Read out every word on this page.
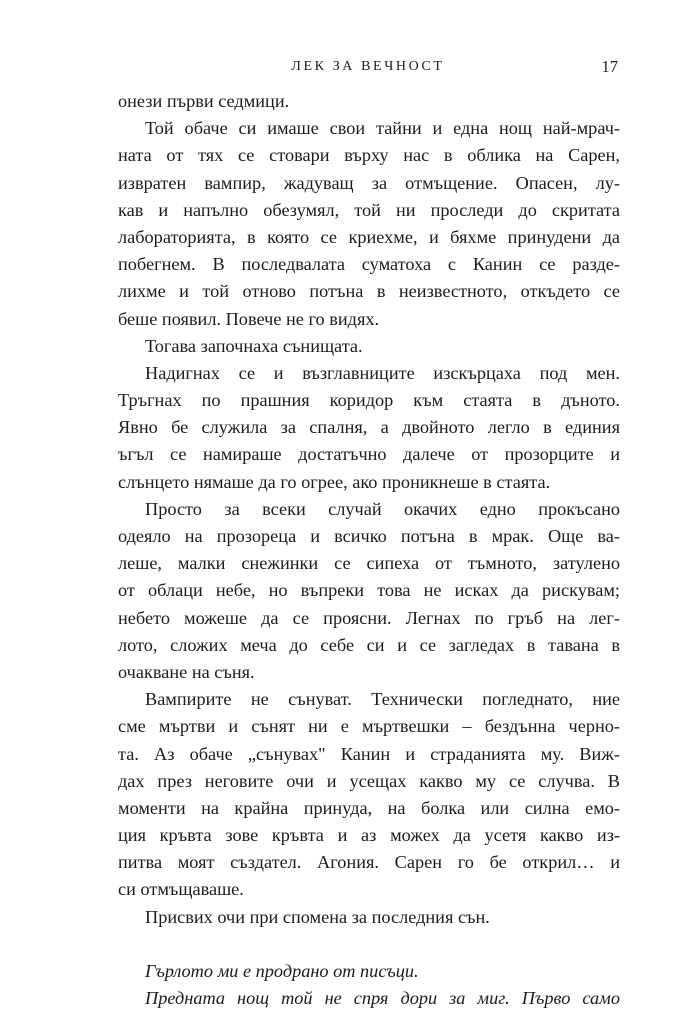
ЛЕК ЗА ВЕЧНОСТ	17
онези първи седмици.
Той обаче си имаше свои тайни и една нощ най-мрач-
ната от тях се стовари върху нас в облика на Сарен,
извратен вампир, жадуващ за отмъщение. Опасен, лу-
кав и напълно обезумял, той ни проследи до скритата
лабораторията, в която се криехме, и бяхме принудени да
побегнем. В последвалата суматоха с Канин се разде-
лихме и той отново потъна в неизвестното, откъдето се
беше появил. Повече не го видях.
Тогава започнаха сънищата.
Надигнах се и възглавниците изскърцаха под мен.
Тръгнах по прашния коридор към стаята в дъното.
Явно бе служила за спалня, а двойното легло в единия
ъгъл се намираше достатъчно далече от прозорците и
слънцето нямаше да го огрее, ако проникнеше в стаята.
Просто за всеки случай окачих едно прокъсано
одеяло на прозореца и всичко потъна в мрак. Още ва-
лешe, малки снежинки се сипеха от тъмното, затулено
от облаци небе, но въпреки това не исках да рискувам;
небето можеше да се проясни. Легнах по гръб на лег-
лото, сложих меча до себе си и се загледах в тавана в
очакване на съня.
Вампирите не сънуват. Технически погледнато, ние
сме мъртви и сънят ни е мъртвешки – бездънна черно-
та. Аз обаче „сънувах" Канин и страданията му. Виж-
дах през неговите очи и усещах какво му се случва. В
моменти на крайна принуда, на болка или силна емо-
ция кръвта зове кръвта и аз можех да усетя какво из-
питва моят създател. Агония. Сарен го бе открил… и
си отмъщаваше.
Присвих очи при спомена за последния сън.
Гърлото ми е продрано от писъци.
Предната нощ той не спря дори за миг. Първо само
